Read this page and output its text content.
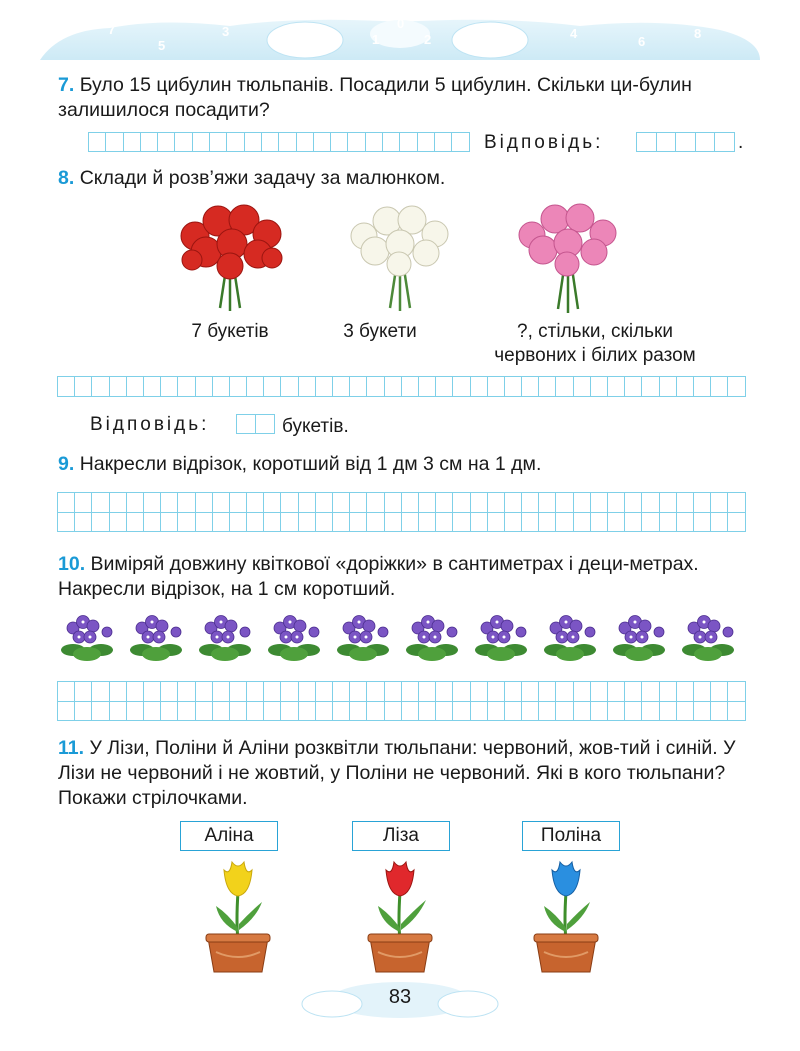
7
5
3
1
0
2	4
6
8
7. Було 15 цибулин тюльпанів. Посадили 5 цибулин. Скільки ци-булин залишилося посадити?
Відповідь:	.
8. Склади й розв’яжи задачу за малюнком.
7 букетів	3 букети	?, стільки, скільки
червоних і білих разом
Відповідь:	букетів.
9. Накресли відрізок, коротший від 1 дм 3 см на 1 дм.
10. Виміряй довжину квіткової «доріжки» в сантиметрах і деци-метрах. Накресли відрізок, на 1 см коротший.
11. У Лізи, Поліни й Аліни розквітли тюльпани: червоний, жов-тий і синій. У Лізи не червоний і не жовтий, у Поліни не червоний. Які в кого тюльпани? Покажи стрілочками.
Аліна	Ліза	Поліна
83
